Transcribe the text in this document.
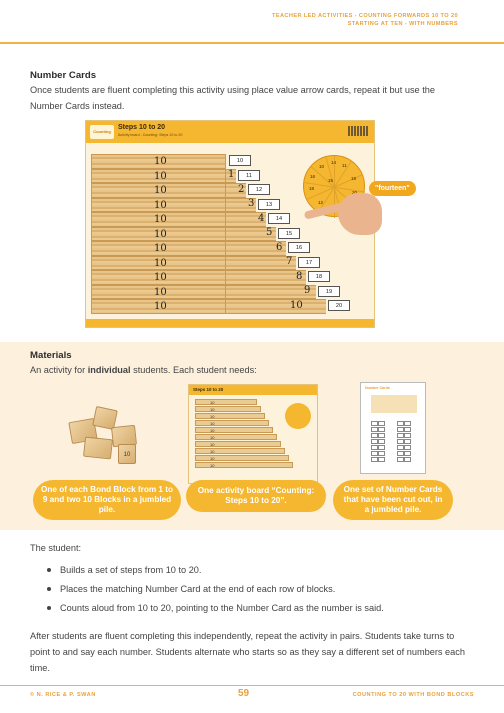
TEACHER LED ACTIVITIES - COUNTING FORWARDS 10 TO 20
STARTING AT TEN - WITH NUMBERS
Number Cards
Once students are fluent completing this activity using place value arrow cards, repeat it but use the Number Cards instead.
Counting
Steps 10 to 20
Activity board - Counting: Steps 10 to 20
10
10
10
10
10
10
10
10
10
10
10
1
2
3
4
5
6
7
8
9
10
10
11
12
13
14
15
16
17
18
19
20
14
11
10
16	19
18
15
12
"fourteen"
Materials
An activity for individual students. Each student needs:
10
Steps 10 to 20
10
10
10
10
10
10
10
10
10
10
Number Cards
One of each Bond Block from 1 to 9 and two 10 Blocks in a jumbled pile.
One activity board “Counting: Steps 10 to 20”.
One set of Number Cards that have been cut out, in a jumbled pile.
The student:
Builds a set of steps from 10 to 20.
Places the matching Number Card at the end of each row of blocks.
Counts aloud from 10 to 20, pointing to the Number Card as the number is said.
After students are fluent completing this independently, repeat the activity in pairs. Students take turns to point to and say each number. Students alternate who starts so as they say a different set of numbers each time.
© N. RICE & P. SWAN	59	COUNTING TO 20 WITH BOND BLOCKS
